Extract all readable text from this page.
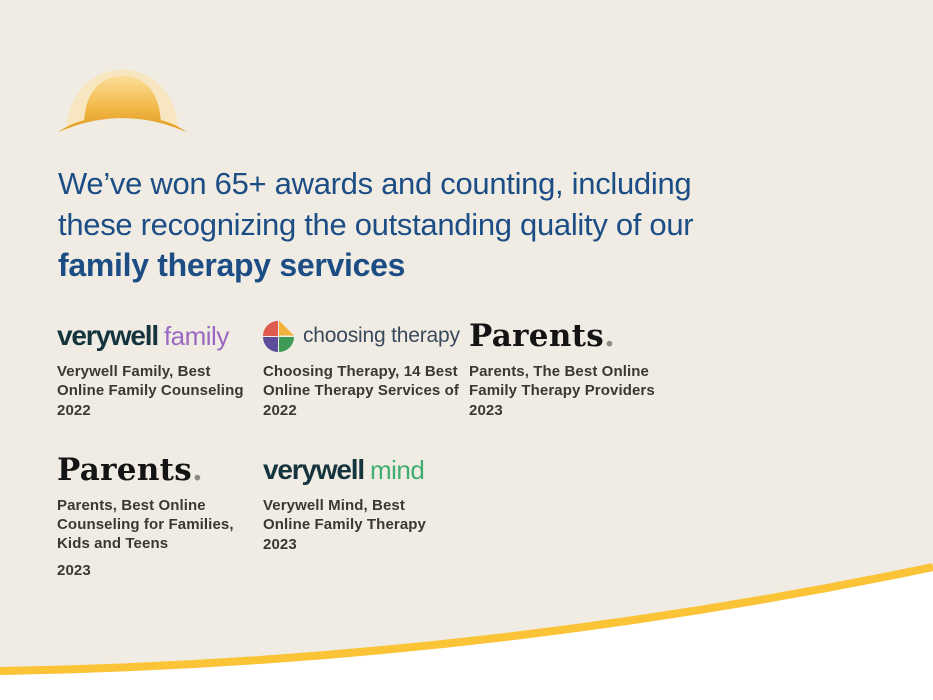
We’ve won 65+ awards and counting, including
these recognizing the outstanding quality of our
family therapy services
verywell family
Verywell Family, Best
Online Family Counseling
2022
choosing therapy
Choosing Therapy, 14 Best
Online Therapy Services of
2022
Parents.
Parents, The Best Online
Family Therapy Providers
2023
Parents.
Parents, Best Online
Counseling for Families,
Kids and Teens
2023
verywell mind
Verywell Mind, Best
Online Family Therapy
2023
